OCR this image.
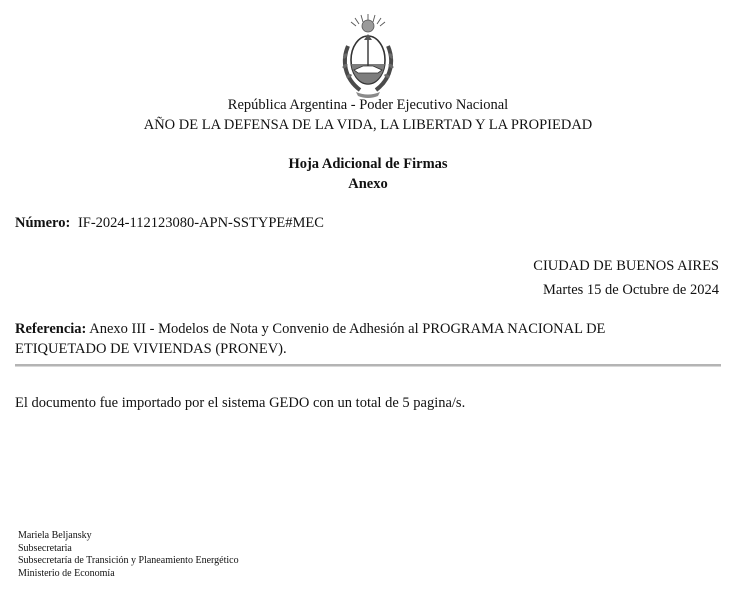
República Argentina - Poder Ejecutivo Nacional
AÑO DE LA DEFENSA DE LA VIDA, LA LIBERTAD Y LA PROPIEDAD
Hoja Adicional de Firmas
Anexo
Número: IF-2024-112123080-APN-SSTYPE#MEC
CIUDAD DE BUENOS AIRES
Martes 15 de Octubre de 2024
Referencia: Anexo III - Modelos de Nota y Convenio de Adhesión al PROGRAMA NACIONAL DE ETIQUETADO DE VIVIENDAS (PRONEV).
El documento fue importado por el sistema GEDO con un total de 5 pagina/s.
Mariela Beljansky
Subsecretaria
Subsecretaría de Transición y Planeamiento Energético
Ministerio de Economía
